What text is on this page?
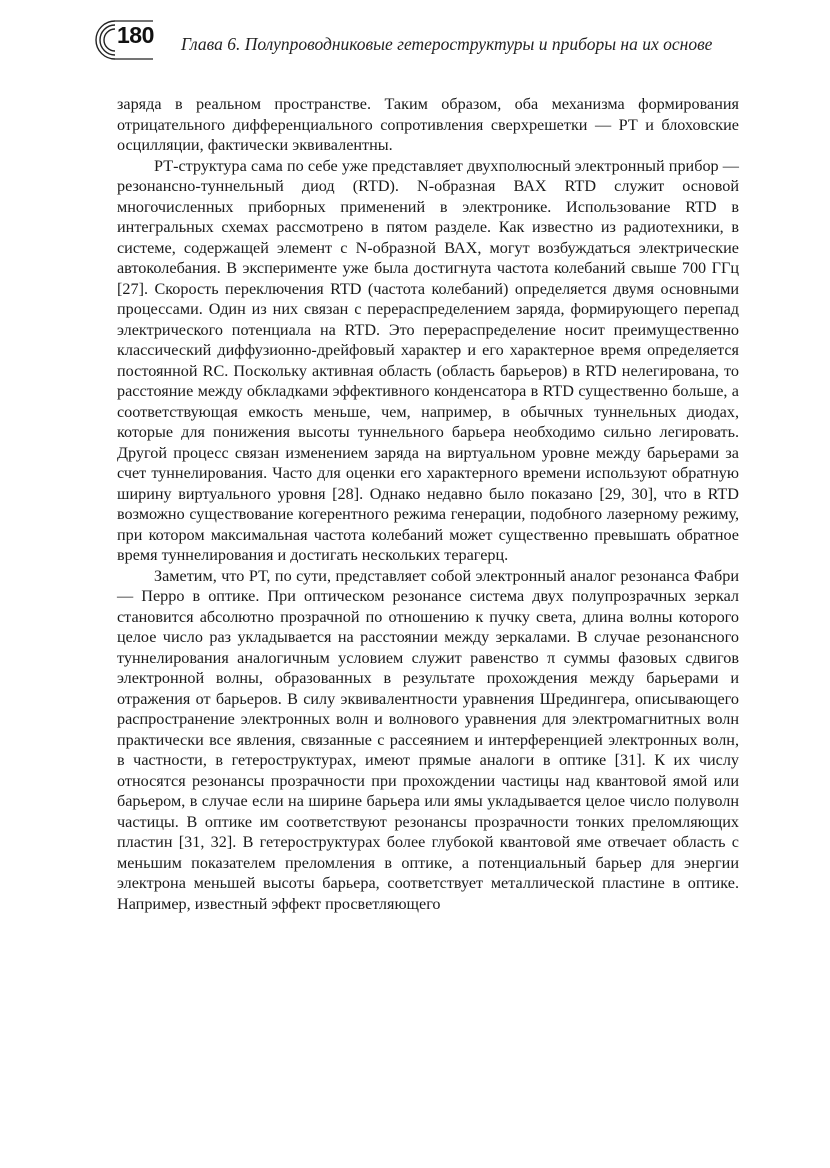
180 Глава 6. Полупроводниковые гетероструктуры и приборы на их основе

заряда в реальном пространстве. Таким образом, оба механизма формирования отрицательного дифференциального сопротивления сверхрешетки — РТ и блоховские осцилляции, фактически эквивалентны.

РТ-структура сама по себе уже представляет двухполюсный электронный прибор — резонансно-туннельный диод (RTD). N-образная ВАХ RTD служит основой многочисленных приборных применений в электронике. Использование RTD в интегральных схемах рассмотрено в пятом разделе. Как известно из радиотехники, в системе, содержащей элемент с N-образной ВАХ, могут возбуждаться электрические автоколебания. В эксперименте уже была достигнута частота колебаний свыше 700 ГГц [27]. Скорость переключения RTD (частота колебаний) определяется двумя основными процессами. Один из них связан с перераспределением заряда, формирующего перепад электрического потенциала на RTD. Это перераспределение носит преимущественно классический диффузионно-дрейфовый характер и его характерное время определяется постоянной RC. Поскольку активная область (область барьеров) в RTD нелегирована, то расстояние между обкладками эффективного конденсатора в RTD существенно больше, а соответствующая емкость меньше, чем, например, в обычных туннельных диодах, которые для понижения высоты туннельного барьера необходимо сильно легировать. Другой процесс связан изменением заряда на виртуальном уровне между барьерами за счет туннелирования. Часто для оценки его характерного времени используют обратную ширину виртуального уровня [28]. Однако недавно было показано [29, 30], что в RTD возможно существование когерентного режима генерации, подобного лазерному режиму, при котором максимальная частота колебаний может существенно превышать обратное время туннелирования и достигать нескольких терагерц.

Заметим, что РТ, по сути, представляет собой электронный аналог резонанса Фабри — Перро в оптике. При оптическом резонансе система двух полупрозрачных зеркал становится абсолютно прозрачной по отношению к пучку света, длина волны которого целое число раз укладывается на расстоянии между зеркалами. В случае резонансного туннелирования аналогичным условием служит равенство π суммы фазовых сдвигов электронной волны, образованных в результате прохождения между барьерами и отражения от барьеров. В силу эквивалентности уравнения Шредингера, описывающего распространение электронных волн и волнового уравнения для электромагнитных волн практически все явления, связанные с рассеянием и интерференцией электронных волн, в частности, в гетероструктурах, имеют прямые аналоги в оптике [31]. К их числу относятся резонансы прозрачности при прохождении частицы над квантовой ямой или барьером, в случае если на ширине барьера или ямы укладывается целое число полуволн частицы. В оптике им соответствуют резонансы прозрачности тонких преломляющих пластин [31, 32]. В гетероструктурах более глубокой квантовой яме отвечает область с меньшим показателем преломления в оптике, а потенциальный барьер для энергии электрона меньшей высоты барьера, соответствует металлической пластине в оптике. Например, известный эффект просветляющего
